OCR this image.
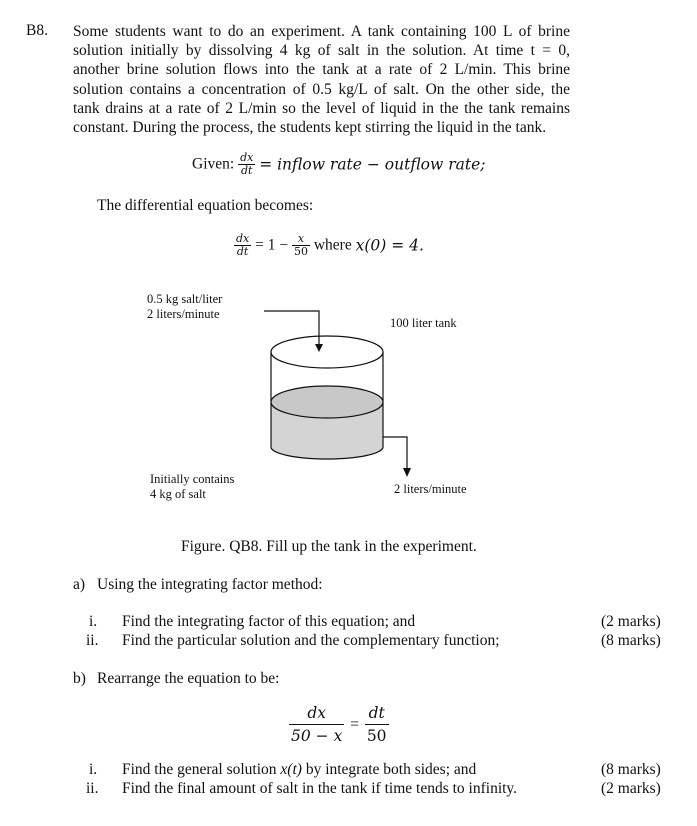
B8. Some students want to do an experiment. A tank containing 100 L of brine
solution initially by dissolving 4 kg of salt in the solution. At time t = 0,
another brine solution flows into the tank at a rate of 2 L/min. This brine
solution contains a concentration of 0.5 kg/L of salt. On the other side, the
tank drains at a rate of 2 L/min so the level of liquid in the the tank remains
constant. During the process, the students kept stirring the liquid in the tank.
Given: $\frac{dx}{dt}$ = inflow rate − outflow rate;
The differential equation becomes:
$\frac{dx}{dt} = 1 - \frac{x}{50}$ where x(0) = 4.
0.5 kg salt/liter
2 liters/minute
100 liter tank
Initially contains
4 kg of salt	2 liters/minute
Figure. QB8. Fill up the tank in the experiment.
a) Using the integrating factor method:
i. Find the integrating factor of this equation; and	(2 marks)
ii. Find the particular solution and the complementary function;	(8 marks)
b) Rearrange the equation to be:
$\frac{dx}{50 - x} = \frac{dt}{50}$
i. Find the general solution x(t) by integrate both sides; and	(8 marks)
ii. Find the final amount of salt in the tank if time tends to infinity.	(2 marks)
